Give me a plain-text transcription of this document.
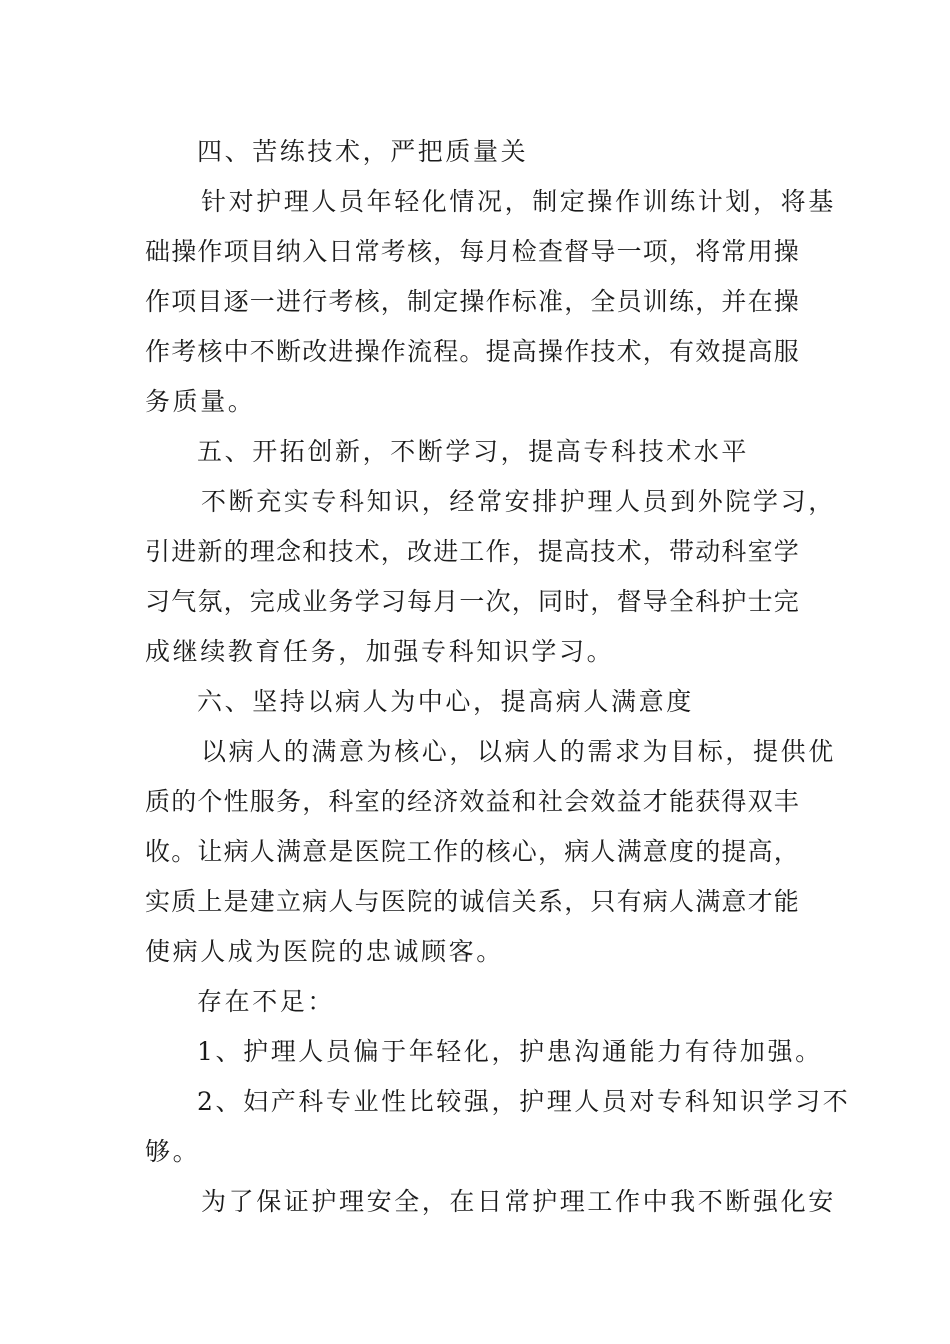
四、苦练技术，严把质量关
针对护理人员年轻化情况，制定操作训练计划，将基
础操作项目纳入日常考核，每月检查督导一项，将常用操
作项目逐一进行考核，制定操作标准，全员训练，并在操
作考核中不断改进操作流程。提高操作技术，有效提高服
务质量。
五、开拓创新，不断学习，提高专科技术水平
不断充实专科知识，经常安排护理人员到外院学习，
引进新的理念和技术，改进工作，提高技术，带动科室学
习气氛，完成业务学习每月一次，同时，督导全科护士完
成继续教育任务，加强专科知识学习。
六、坚持以病人为中心，提高病人满意度
以病人的满意为核心，以病人的需求为目标，提供优
质的个性服务，科室的经济效益和社会效益才能获得双丰
收。让病人满意是医院工作的核心，病人满意度的提高，
实质上是建立病人与医院的诚信关系，只有病人满意才能
使病人成为医院的忠诚顾客。
存在不足：
1、护理人员偏于年轻化，护患沟通能力有待加强。
2、妇产科专业性比较强，护理人员对专科知识学习不
够。
为了保证护理安全，在日常护理工作中我不断强化安
